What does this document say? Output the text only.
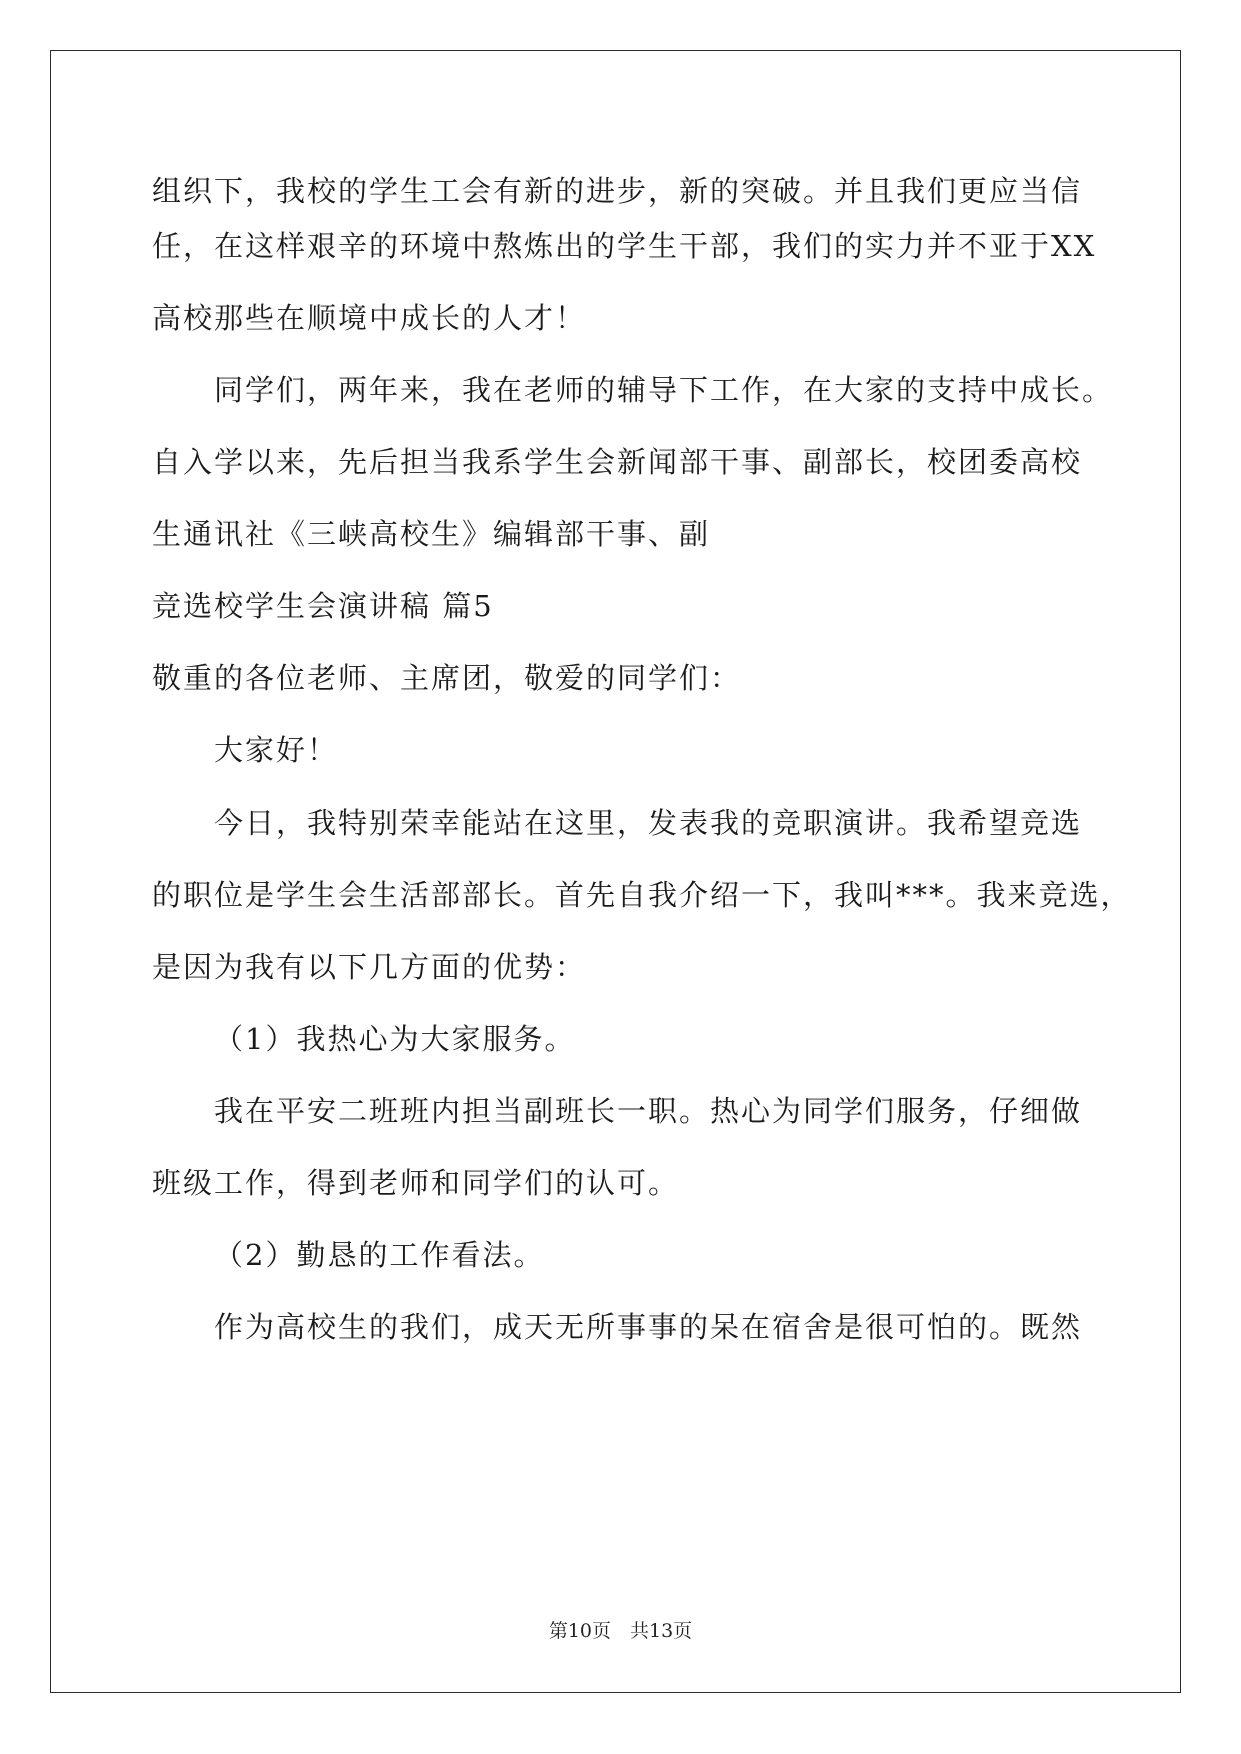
组织下，我校的学生工会有新的进步，新的突破。并且我们更应当信
任，在这样艰辛的环境中熬炼出的学生干部，我们的实力并不亚于XX
高校那些在顺境中成长的人才！
同学们，两年来，我在老师的辅导下工作，在大家的支持中成长。
自入学以来，先后担当我系学生会新闻部干事、副部长，校团委高校
生通讯社《三峡高校生》编辑部干事、副
竞选校学生会演讲稿 篇5
敬重的各位老师、主席团，敬爱的同学们：
大家好！
今日，我特别荣幸能站在这里，发表我的竞职演讲。我希望竞选
的职位是学生会生活部部长。首先自我介绍一下，我叫***。我来竞选，
是因为我有以下几方面的优势：
（1）我热心为大家服务。
我在平安二班班内担当副班长一职。热心为同学们服务，仔细做
班级工作，得到老师和同学们的认可。
（2）勤恳的工作看法。
作为高校生的我们，成天无所事事的呆在宿舍是很可怕的。既然
第10页　共13页
